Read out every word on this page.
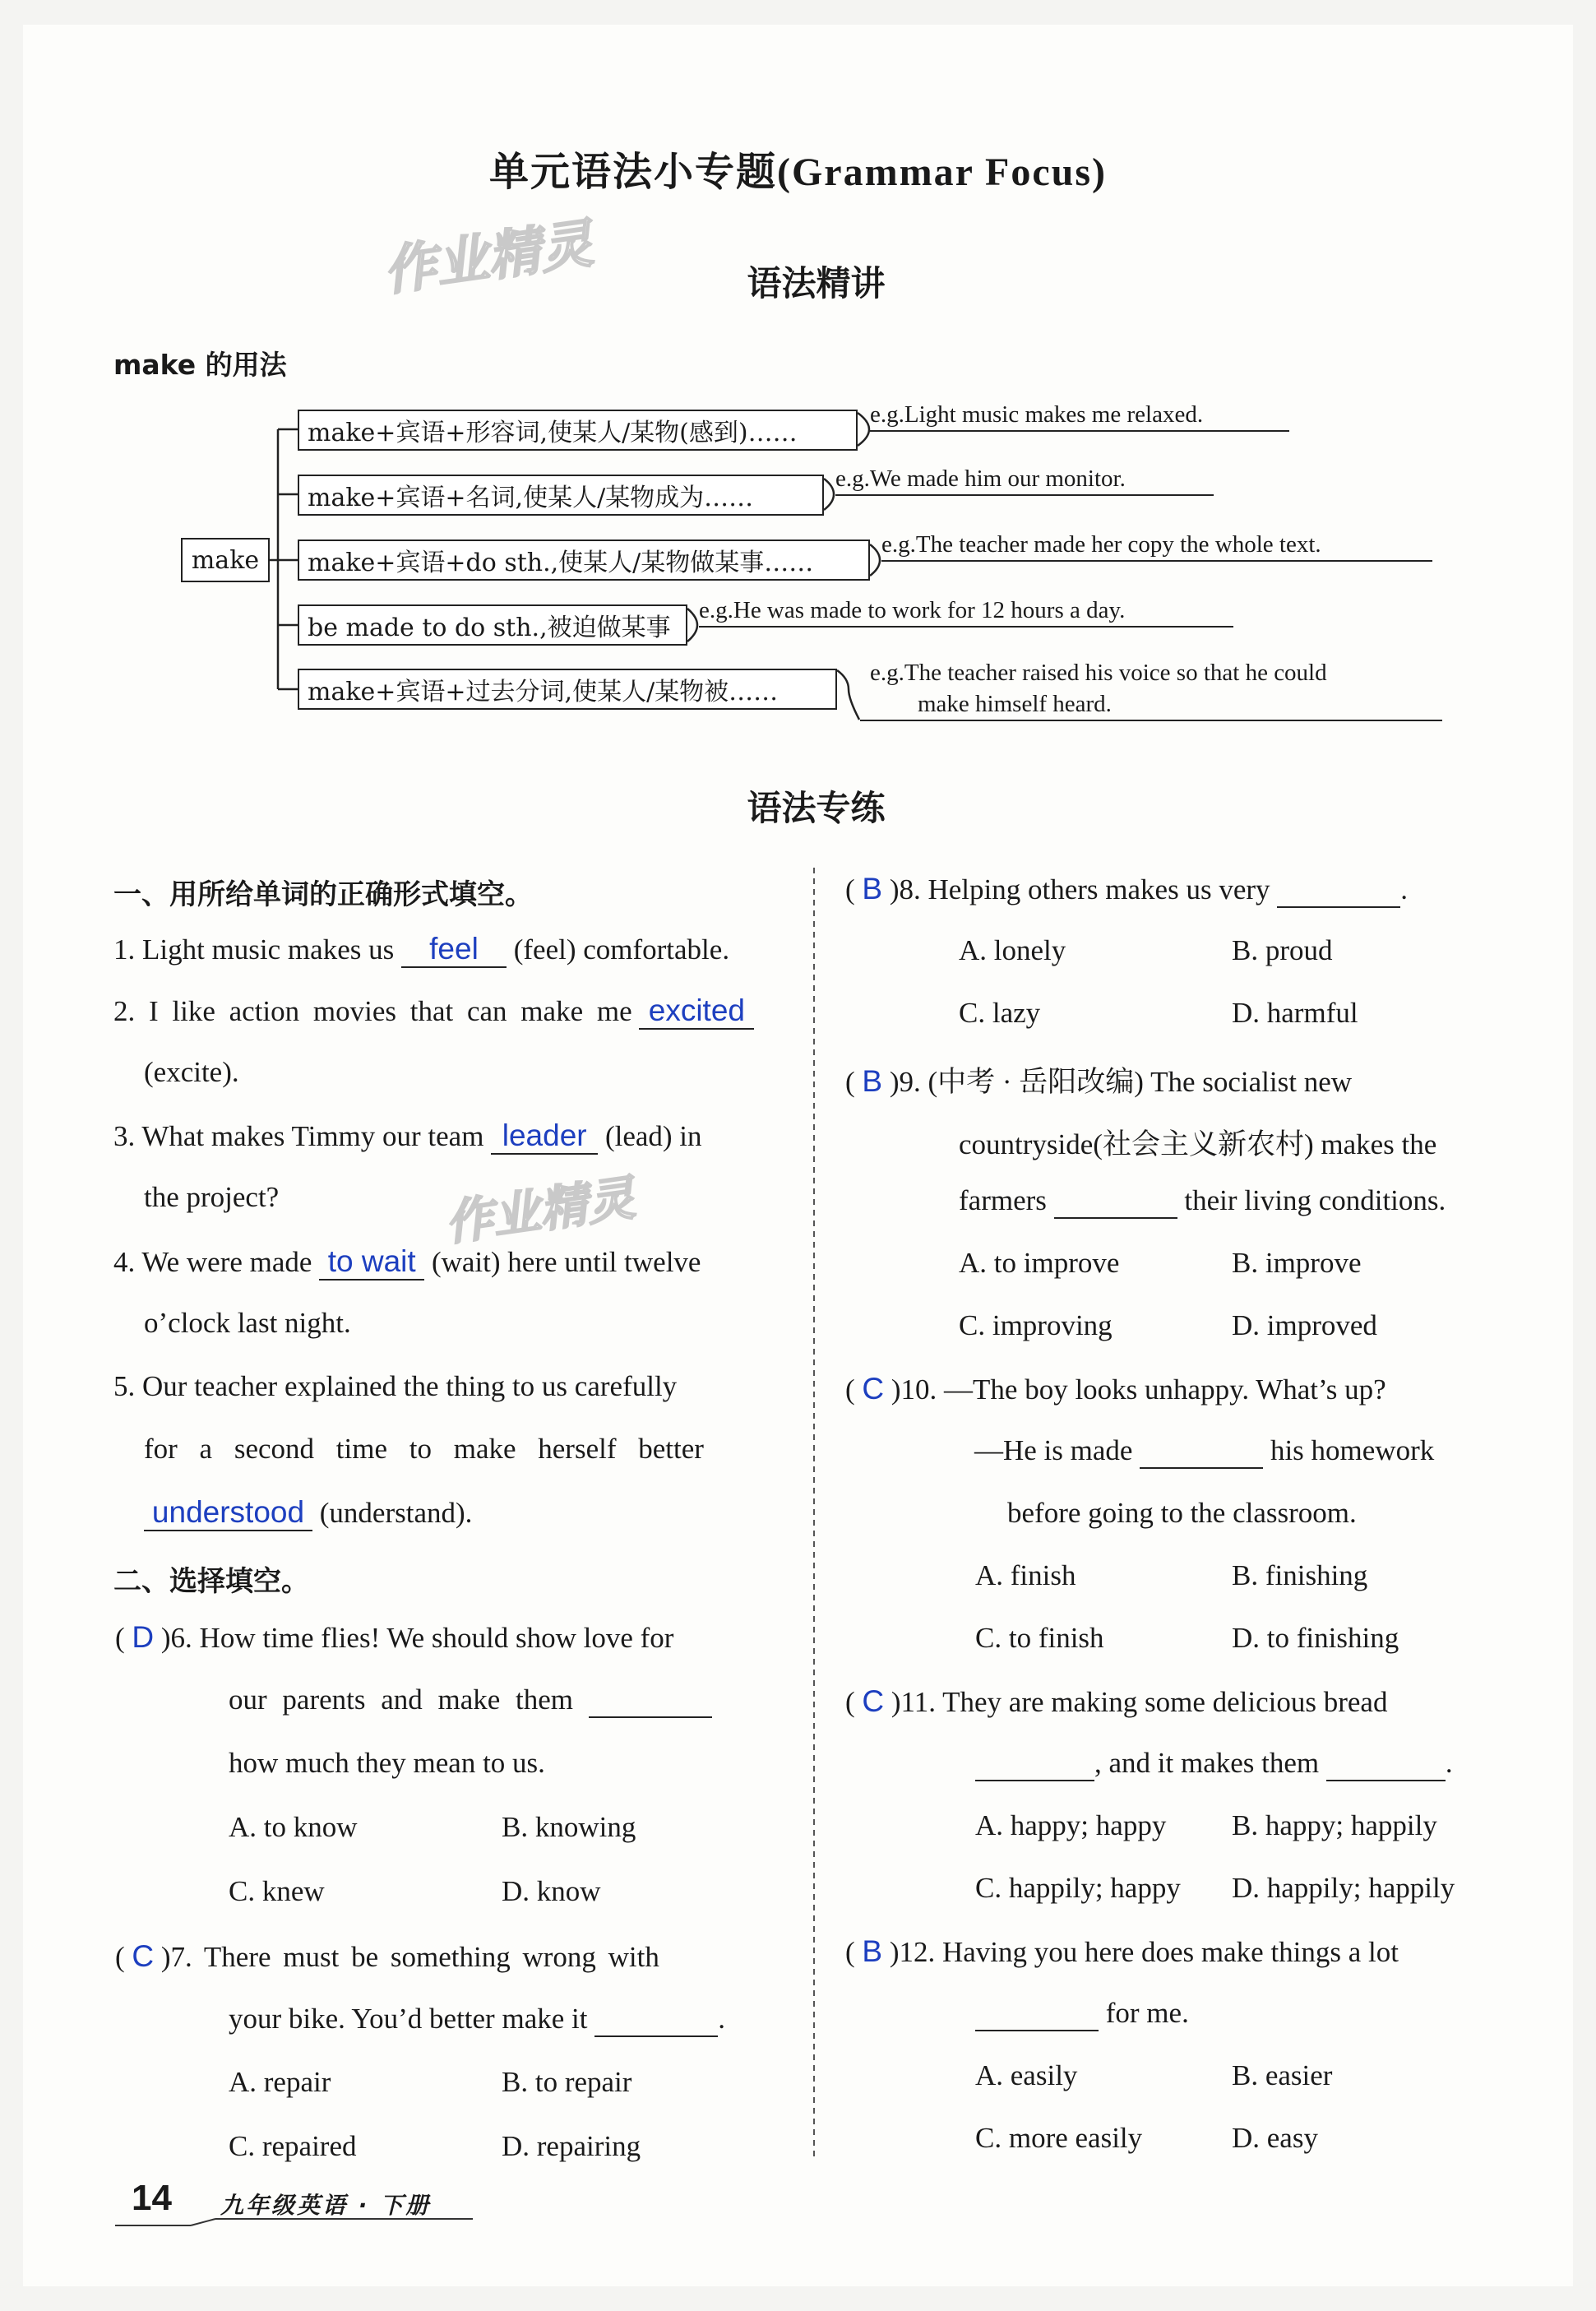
单元语法小专题(Grammar Focus)
作业精灵	语法精讲
make 的用法
make
make+宾语+形容词,使某人/某物(感到)……
e.g.Light music makes me relaxed.
make+宾语+名词,使某人/某物成为……
e.g.We made him our monitor.
make+宾语+do sth.,使某人/某物做某事……
e.g.The teacher made her copy the whole text.
be made to do sth.,被迫做某事
e.g.He was made to work for 12 hours a day.
make+宾语+过去分词,使某人/某物被……
e.g.The teacher raised his voice so that he could
make himself heard.
语法专练
一、用所给单词的正确形式填空。
1. Light music makes us feel (feel) comfortable.
2. I like action movies that can make me excited
(excite).
3. What makes Timmy our team leader (lead) in
the project?	作业精灵
4. We were made to wait (wait) here until twelve
o’clock last night.
5. Our teacher explained the thing to us carefully
for a second time to make herself better
understood (understand).
二、选择填空。
( D )6. How time flies! We should show love for
our parents and make them
how much they mean to us.
A. to know	B. knowing
C. knew	D. know
( C )7. There must be something wrong with
your bike. You’d better make it	.
A. repair	B. to repair
C. repaired	D. repairing
( B )8. Helping others makes us very	.
A. lonely	B. proud
C. lazy	D. harmful
( B )9. (中考 · 岳阳改编) The socialist new
countryside(社会主义新农村) makes the
farmers	their living conditions.
A. to improve	B. improve
C. improving	D. improved
( C )10. —The boy looks unhappy. What’s up?
—He is made	his homework
before going to the classroom.
A. finish	B. finishing
C. to finish	D. to finishing
( C )11. They are making some delicious bread
, and it makes them	.
A. happy; happy B. happy; happily
C. happily; happy D. happily; happily
( B )12. Having you here does make things a lot
for me.
A. easily	B. easier
C. more easily	D. easy
14 九年级英语 · 下册
